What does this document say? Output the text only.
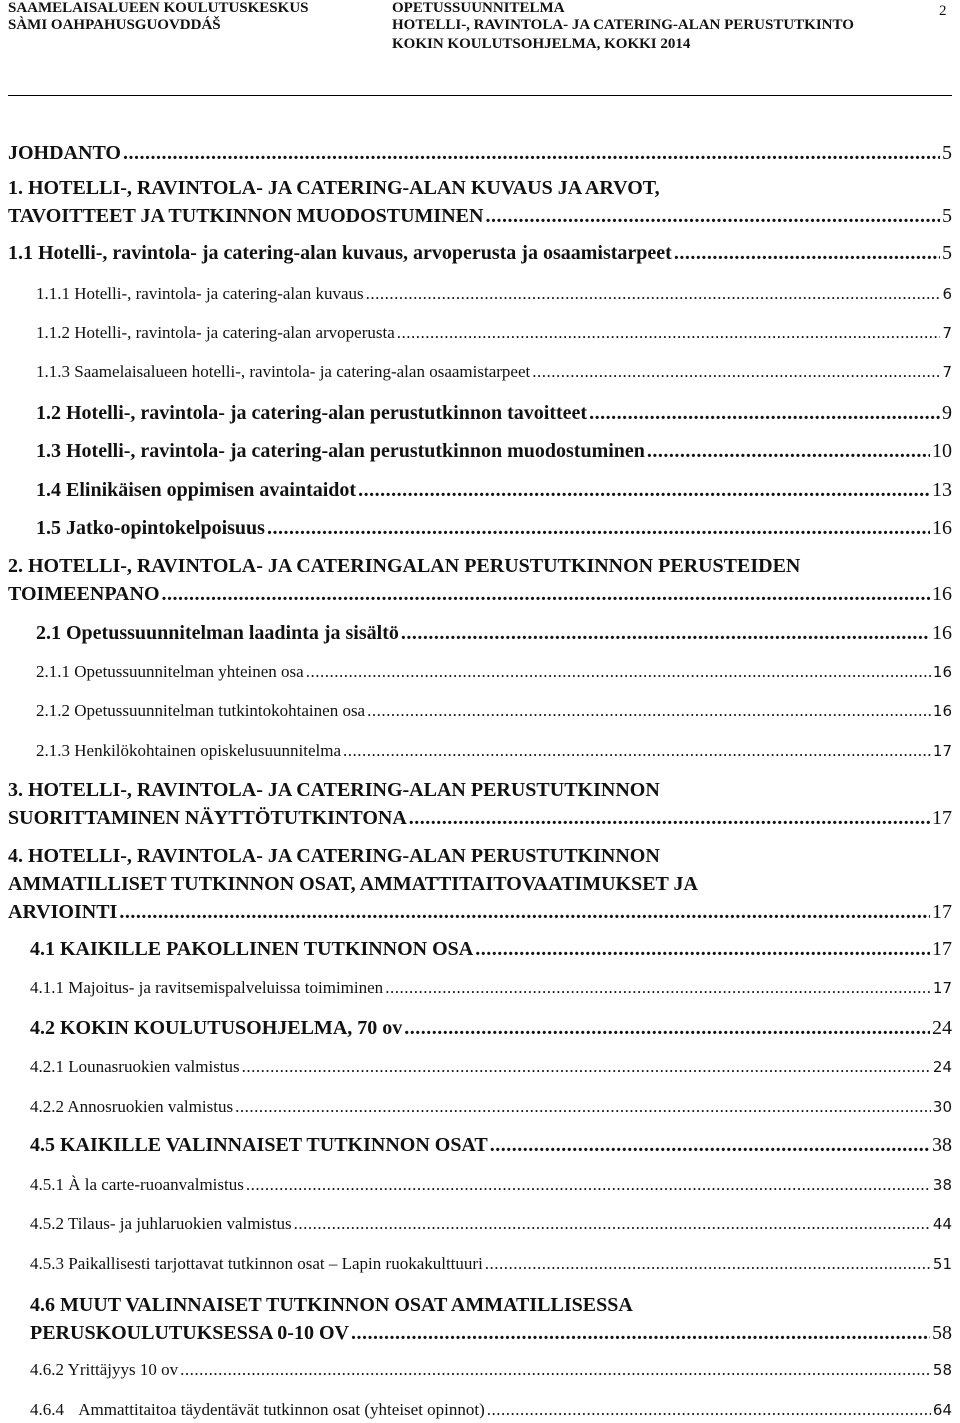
SAAMELAISALUEEN KOULUTUSKESKUS
SÀMI OAHPAHUSGUOVDDÁŠ
OPETUSSUUNNITELMA
HOTELLI-, RAVINTOLA- JA CATERING-ALAN PERUSTUTKINTO
KOKIN KOULUTSOHJELMA, KOKKI 2014
2
JOHDANTO .....	5
1. HOTELLI-, RAVINTOLA- JA CATERING-ALAN KUVAUS JA ARVOT,
TAVOITTEET JA TUTKINNON MUODOSTUMINEN .....	5
1.1 Hotelli-, ravintola- ja catering-alan kuvaus, arvoperusta ja osaamistarpeet .....	5
1.1.1 Hotelli-, ravintola- ja catering-alan kuvaus .....	6
1.1.2 Hotelli-, ravintola- ja catering-alan arvoperusta .....	7
1.1.3 Saamelaisalueen hotelli-, ravintola- ja catering-alan osaamistarpeet .....	7
1.2 Hotelli-, ravintola- ja catering-alan perustutkinnon tavoitteet .....	9
1.3 Hotelli-, ravintola- ja catering-alan perustutkinnon muodostuminen .....	10
1.4 Elinikäisen oppimisen avaintaidot .....	13
1.5 Jatko-opintokelpoisuus .....	16
2. HOTELLI-, RAVINTOLA- JA CATERINGALAN PERUSTUTKINNON PERUSTEIDEN
TOIMEENPANO .....	16
2.1 Opetussuunnitelman laadinta ja sisältö .....	16
2.1.1 Opetussuunnitelman yhteinen osa .....	16
2.1.2 Opetussuunnitelman tutkintokohtainen osa .....	16
2.1.3 Henkilökohtainen opiskelusuunnitelma .....	17
3. HOTELLI-, RAVINTOLA- JA CATERING-ALAN PERUSTUTKINNON
SUORITTAMINEN NÄYTTÖTUTKINTONA .....	17
4. HOTELLI-, RAVINTOLA- JA CATERING-ALAN PERUSTUTKINNON
AMMATILLISET TUTKINNON OSAT, AMMATTITAITOVAATIMUKSET JA
ARVIOINTI .....	17
4.1 KAIKILLE PAKOLLINEN TUTKINNON OSA .....	17
4.1.1 Majoitus- ja ravitsemispalveluissa toimiminen .....	17
4.2 KOKIN KOULUTUSOHJELMA, 70 ov .....	24
4.2.1 Lounasruokien valmistus .....	24
4.2.2 Annosruokien valmistus .....	30
4.5 KAIKILLE VALINNAISET TUTKINNON OSAT .....	38
4.5.1 À la carte-ruoanvalmistus .....	38
4.5.2 Tilaus- ja juhlaruokien valmistus .....	44
4.5.3 Paikallisesti tarjottavat tutkinnon osat – Lapin ruokakulttuuri .....	51
4.6 MUUT VALINNAISET TUTKINNON OSAT AMMATILLISESSA
PERUSKOULUTUKSESSA 0-10 OV .....	58
4.6.2 Yrittäjyys 10 ov .....	58
4.6.4 Ammattitaitoa täydentävät tutkinnon osat (yhteiset opinnot) .....	64
